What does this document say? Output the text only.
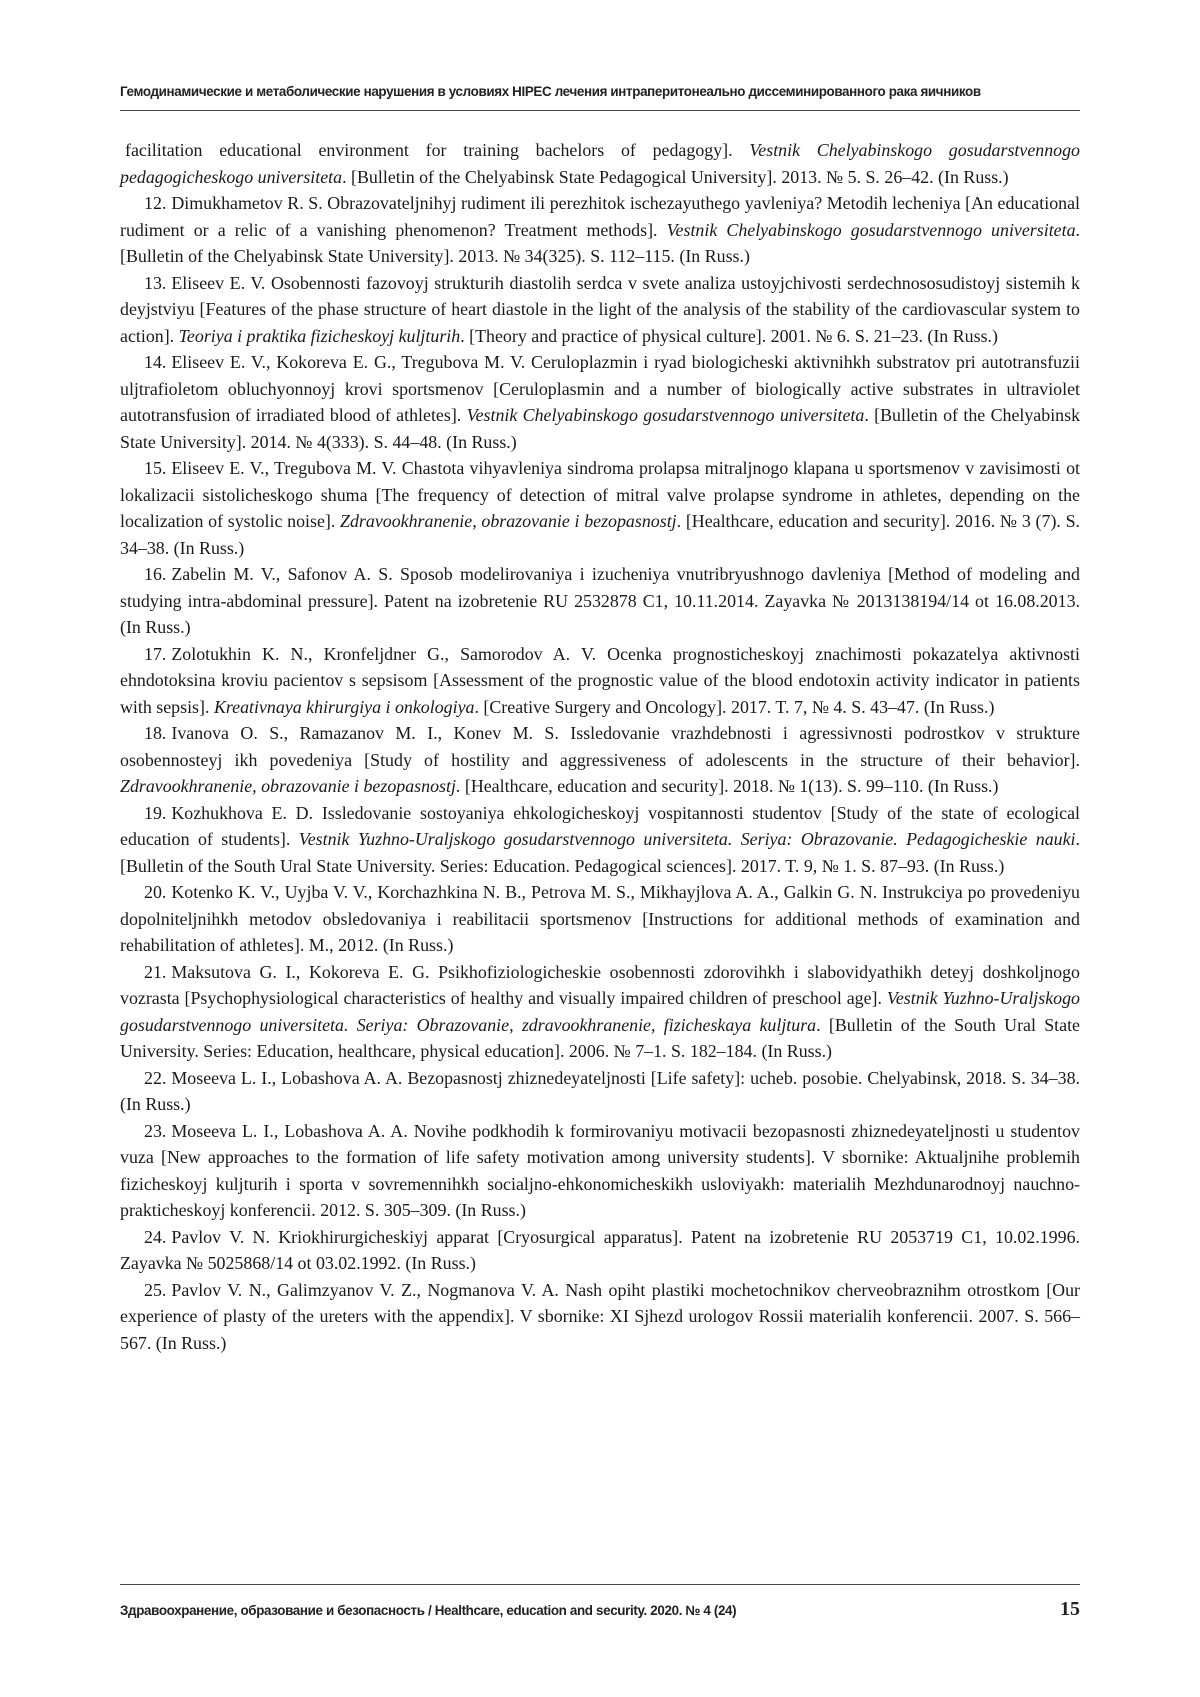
Гемодинамические и метаболические нарушения в условиях HIPEC лечения интраперитонеально диссеминированного рака яичников

facilitation educational environment for training bachelors of pedagogy]. Vestnik Chelyabinskogo gosudarstvennogo pedagogicheskogo universiteta. [Bulletin of the Chelyabinsk State Pedagogical University]. 2013. № 5. S. 26–42. (In Russ.)

12. Dimukhametov R. S. Obrazovateljnihyj rudiment ili perezhitok ischezayuthego yavleniya? Metodih lecheniya [An educational rudiment or a relic of a vanishing phenomenon? Treatment methods]. Vestnik Chelyabinskogo gosudarstvennogo universiteta. [Bulletin of the Chelyabinsk State University]. 2013. № 34(325). S. 112–115. (In Russ.)

13. Eliseev E. V. Osobennosti fazovoyj strukturih diastolih serdca v svete analiza ustoyjchivosti serdechnososudistoyj sistemih k deyjstviyu [Features of the phase structure of heart diastole in the light of the analysis of the stability of the cardiovascular system to action]. Teoriya i praktika fizicheskoyj kuljturih. [Theory and practice of physical culture]. 2001. № 6. S. 21–23. (In Russ.)

14. Eliseev E. V., Kokoreva E. G., Tregubova M. V. Ceruloplazmin i ryad biologicheski aktivnihkh substratov pri autotransfuzii uljtrafioletom obluchyonnoyj krovi sportsmenov [Ceruloplasmin and a number of biologically active substrates in ultraviolet autotransfusion of irradiated blood of athletes]. Vestnik Chelyabinskogo gosudarstvennogo universiteta. [Bulletin of the Chelyabinsk State University]. 2014. № 4(333). S. 44–48. (In Russ.)

15. Eliseev E. V., Tregubova M. V. Chastota vihyavleniya sindroma prolapsa mitraljnogo klapana u sportsmenov v zavisimosti ot lokalizacii sistolicheskogo shuma [The frequency of detection of mitral valve prolapse syndrome in athletes, depending on the localization of systolic noise]. Zdravookhranenie, obrazovanie i bezopasnostj. [Healthcare, education and security]. 2016. № 3 (7). S. 34–38. (In Russ.)

16. Zabelin M. V., Safonov A. S. Sposob modelirovaniya i izucheniya vnutribryushnogo davleniya [Method of modeling and studying intra-abdominal pressure]. Patent na izobretenie RU 2532878 C1, 10.11.2014. Zayavka № 2013138194/14 ot 16.08.2013. (In Russ.)

17. Zolotukhin K. N., Kronfeljdner G., Samorodov A. V. Ocenka prognosticheskoyj znachimosti pokazatelya aktivnosti ehndotoksina kroviu pacientov s sepsisom [Assessment of the prognostic value of the blood endotoxin activity indicator in patients with sepsis]. Kreativnaya khirurgiya i onkologiya. [Creative Surgery and Oncology]. 2017. T. 7, № 4. S. 43–47. (In Russ.)

18. Ivanova O. S., Ramazanov M. I., Konev M. S. Issledovanie vrazhdebnosti i agressivnosti podrostkov v strukture osobennosteyj ikh povedeniya [Study of hostility and aggressiveness of adolescents in the structure of their behavior]. Zdravookhranenie, obrazovanie i bezopasnostj. [Healthcare, education and security]. 2018. № 1(13). S. 99–110. (In Russ.)

19. Kozhukhova E. D. Issledovanie sostoyaniya ehkologicheskoyj vospitannosti studentov [Study of the state of ecological education of students]. Vestnik Yuzhno-Uraljskogo gosudarstvennogo universiteta. Seriya: Obrazovanie. Pedagogicheskie nauki. [Bulletin of the South Ural State University. Series: Education. Pedagogical sciences]. 2017. T. 9, № 1. S. 87–93. (In Russ.)

20. Kotenko K. V., Uyjba V. V., Korchazhkina N. B., Petrova M. S., Mikhayjlova A. A., Galkin G. N. Instrukciya po provedeniyu dopolniteljnihkh metodov obsledovaniya i reabilitacii sportsmenov [Instructions for additional methods of examination and rehabilitation of athletes]. M., 2012. (In Russ.)

21. Maksutova G. I., Kokoreva E. G. Psikhofiziologicheskie osobennosti zdorovihkh i slabovidyathikh deteyj doshkoljnogo vozrasta [Psychophysiological characteristics of healthy and visually impaired children of preschool age]. Vestnik Yuzhno-Uraljskogo gosudarstvennogo universiteta. Seriya: Obrazovanie, zdravookhranenie, fizicheskaya kuljtura. [Bulletin of the South Ural State University. Series: Education, healthcare, physical education]. 2006. № 7–1. S. 182–184. (In Russ.)

22. Moseeva L. I., Lobashova A. A. Bezopasnostj zhiznedeyateljnosti [Life safety]: ucheb. posobie. Chelyabinsk, 2018. S. 34–38. (In Russ.)

23. Moseeva L. I., Lobashova A. A. Novihe podkhodih k formirovaniyu motivacii bezopasnosti zhiznedeyateljnosti u studentov vuza [New approaches to the formation of life safety motivation among university students]. V sbornike: Aktualjnihe problemih fizicheskoyj kuljturih i sporta v sovremennihkh socialjno-ehkonomicheskikh usloviyakh: materialih Mezhdunarodnoyj nauchno-prakticheskoyj konferencii. 2012. S. 305–309. (In Russ.)

24. Pavlov V. N. Kriokhirurgicheskiyj apparat [Cryosurgical apparatus]. Patent na izobretenie RU 2053719 C1, 10.02.1996. Zayavka № 5025868/14 ot 03.02.1992. (In Russ.)

25. Pavlov V. N., Galimzyanov V. Z., Nogmanova V. A. Nash opiht plastiki mochetochnikov cherveobraznihm otrostkom [Our experience of plasty of the ureters with the appendix]. V sbornike: XI Sjhezd urologov Rossii materialih konferencii. 2007. S. 566–567. (In Russ.)

Здравоохранение, образование и безопасность / Healthcare, education and security. 2020. № 4 (24)	15
